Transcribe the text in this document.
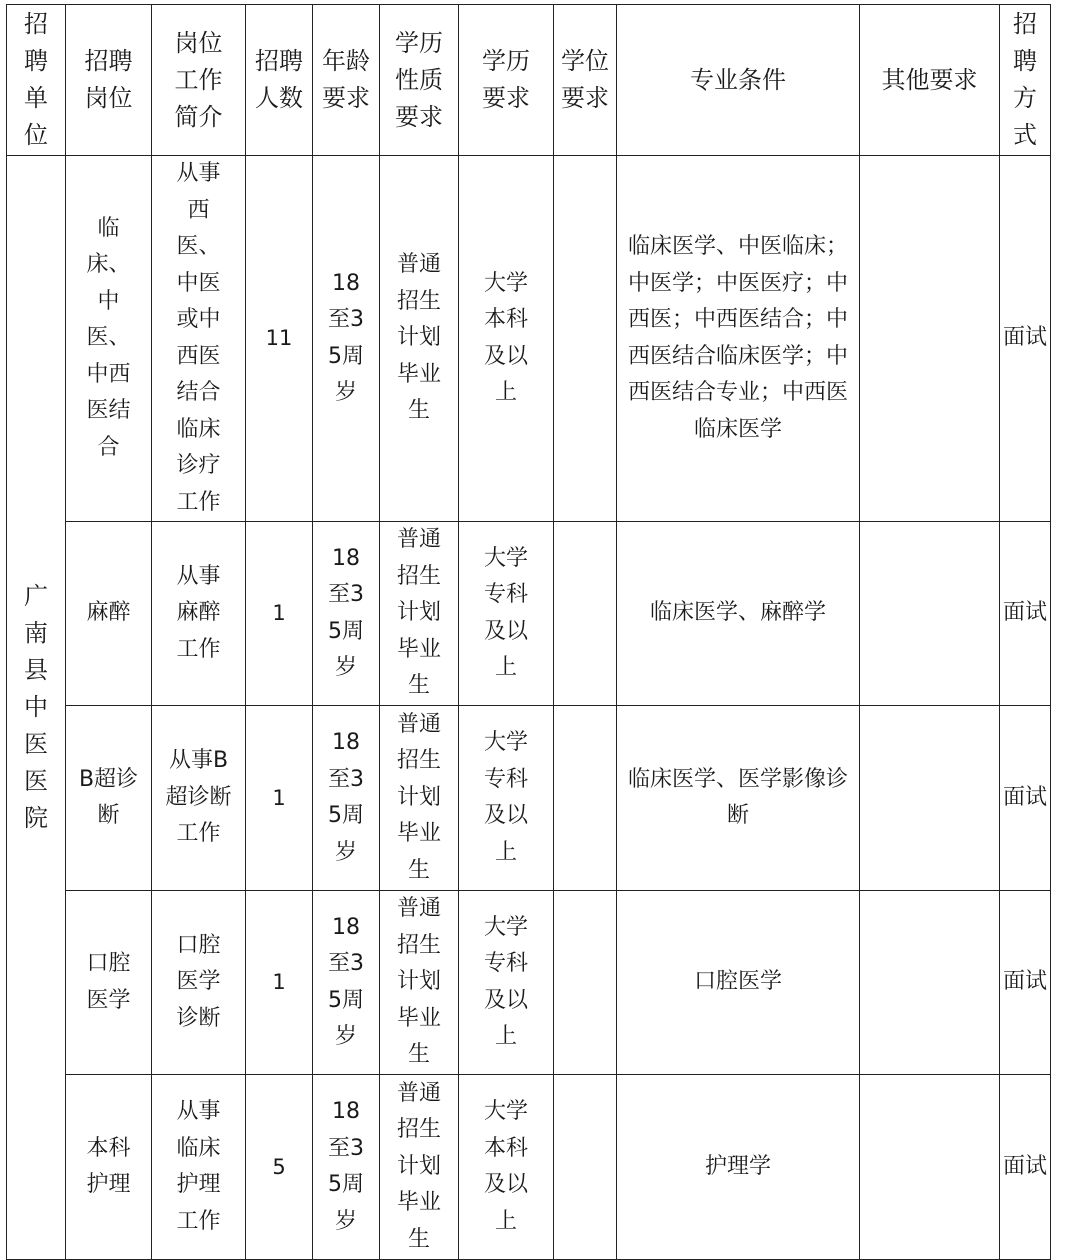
招聘单位	招聘岗位	岗位工作简介	招聘人数	年龄要求	学历性质要求	学历要求	学位要求	专业条件	其他要求	招聘方式
广南县中医医院	临床、中医、中西医结合	从事西医、中医或中西医结合临床诊疗工作	11	18至35周岁	普通招生计划毕业生	大学本科及以上		临床医学、中医临床；中医学；中医医疗；中西医；中西医结合；中西医结合临床医学；中西医结合专业；中西医临床医学		面试
	麻醉	从事麻醉工作	1	18至35周岁	普通招生计划毕业生	大学专科及以上		临床医学、麻醉学		面试
	B超诊断	从事B超诊断工作	1	18至35周岁	普通招生计划毕业生	大学专科及以上		临床医学、医学影像诊断		面试
	口腔医学	口腔医学诊断	1	18至35周岁	普通招生计划毕业生	大学专科及以上		口腔医学		面试
	本科护理	从事临床护理工作	5	18至35周岁	普通招生计划毕业生	大学本科及以上		护理学		面试
